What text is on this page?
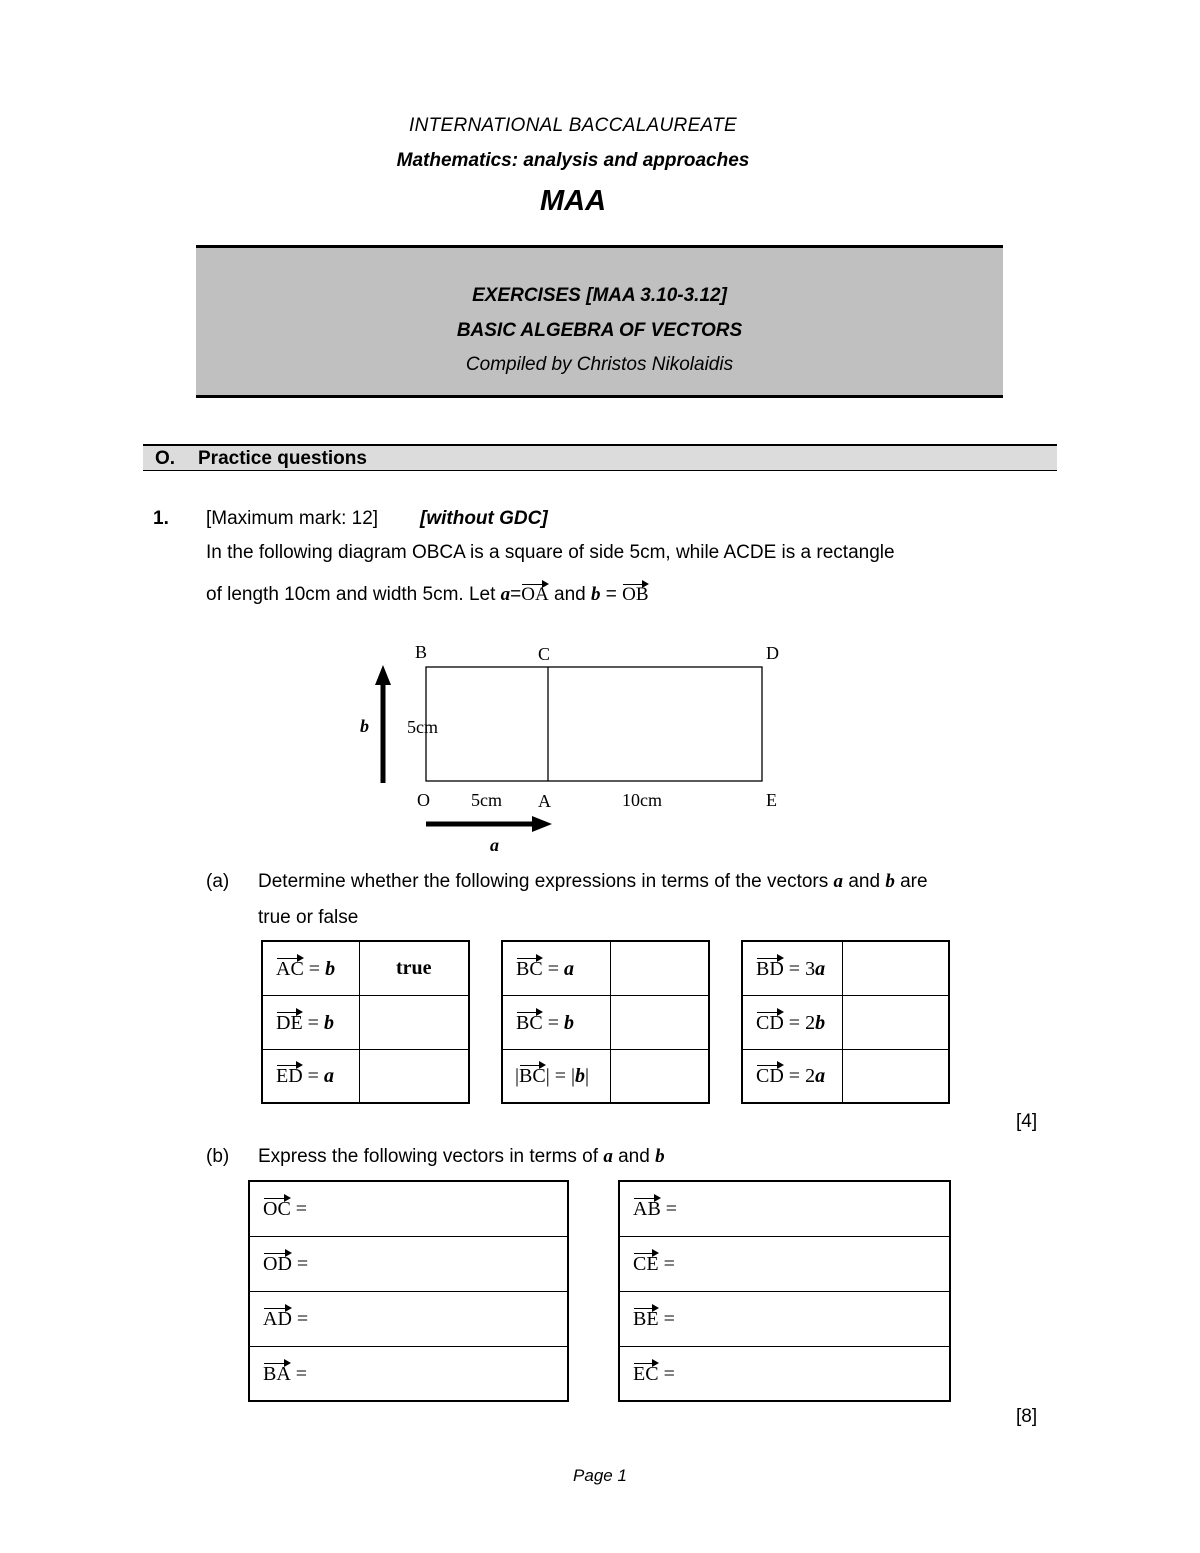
INTERNATIONAL BACCALAUREATE
Mathematics: analysis and approaches
MAA
EXERCISES [MAA 3.10-3.12]
BASIC ALGEBRA OF VECTORS
Compiled by Christos Nikolaidis
O. Practice questions
1. [Maximum mark: 12] [without GDC]
In the following diagram OBCA is a square of side 5cm, while ACDE is a rectangle
of length 10cm and width 5cm. Let a=OA and b = OB
B	C	D
O	A	E
5cm
5cm	10cm
b
a
(a) Determine whether the following expressions in terms of the vectors a and b are
true or false
AC = b	true
DE = b	
ED = a	
BC = a	
BC = b	
|BC| = |b|	
BD = 3a	
CD = 2b	
CD = 2a	
[4]
(b) Express the following vectors in terms of a and b
OC =
OD =
AD =
BA =
AB =
CE =
BE =
EC =
[8]
Page 1
